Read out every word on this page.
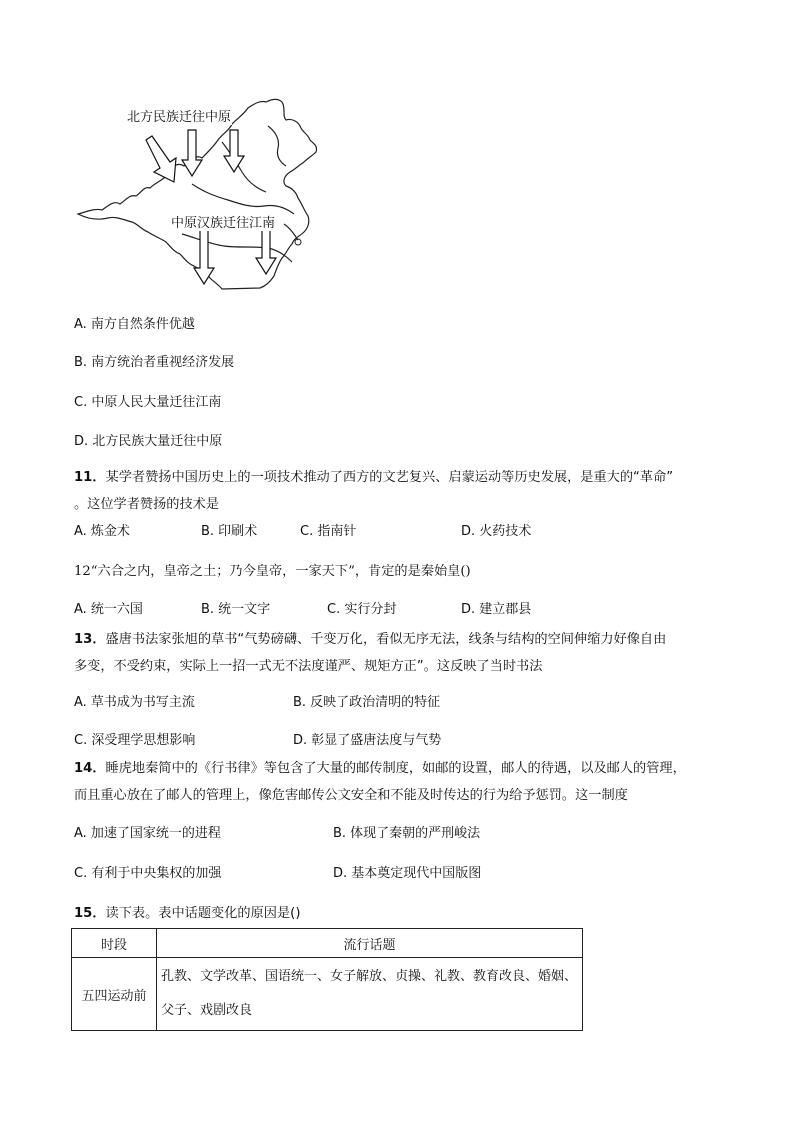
北方民族迁往中原
中原汉族迁往江南
A. 南方自然条件优越
B. 南方统治者重视经济发展
C. 中原人民大量迁往江南
D. 北方民族大量迁往中原
11．某学者赞扬中国历史上的一项技术推动了西方的文艺复兴、启蒙运动等历史发展，是重大的“革命”
。这位学者赞扬的技术是
A. 炼金术	B. 印刷术	C. 指南针	D. 火药技术
12“六合之内，皇帝之土；乃今皇帝，一家天下”，肯定的是秦始皇()
A. 统一六国	B. 统一文字	C. 实行分封	D. 建立郡县
13．盛唐书法家张旭的草书“气势磅礴、千变万化，看似无序无法，线条与结构的空间伸缩力好像自由
多变，不受约束，实际上一招一式无不法度谨严、规矩方正”。这反映了当时书法
A. 草书成为书写主流	B. 反映了政治清明的特征
C. 深受理学思想影响	D. 彰显了盛唐法度与气势
14．睡虎地秦简中的《行书律》等包含了大量的邮传制度，如邮的设置，邮人的待遇，以及邮人的管理，
而且重心放在了邮人的管理上，像危害邮传公文安全和不能及时传达的行为给予惩罚。这一制度
A. 加速了国家统一的进程	B. 体现了秦朝的严刑峻法
C. 有利于中央集权的加强	D. 基本奠定现代中国版图
15．读下表。表中话题变化的原因是()
时段	流行话题
五四运动前	孔教、文学改革、国语统一、女子解放、贞操、礼教、教育改良、婚姻、父子、戏剧改良
